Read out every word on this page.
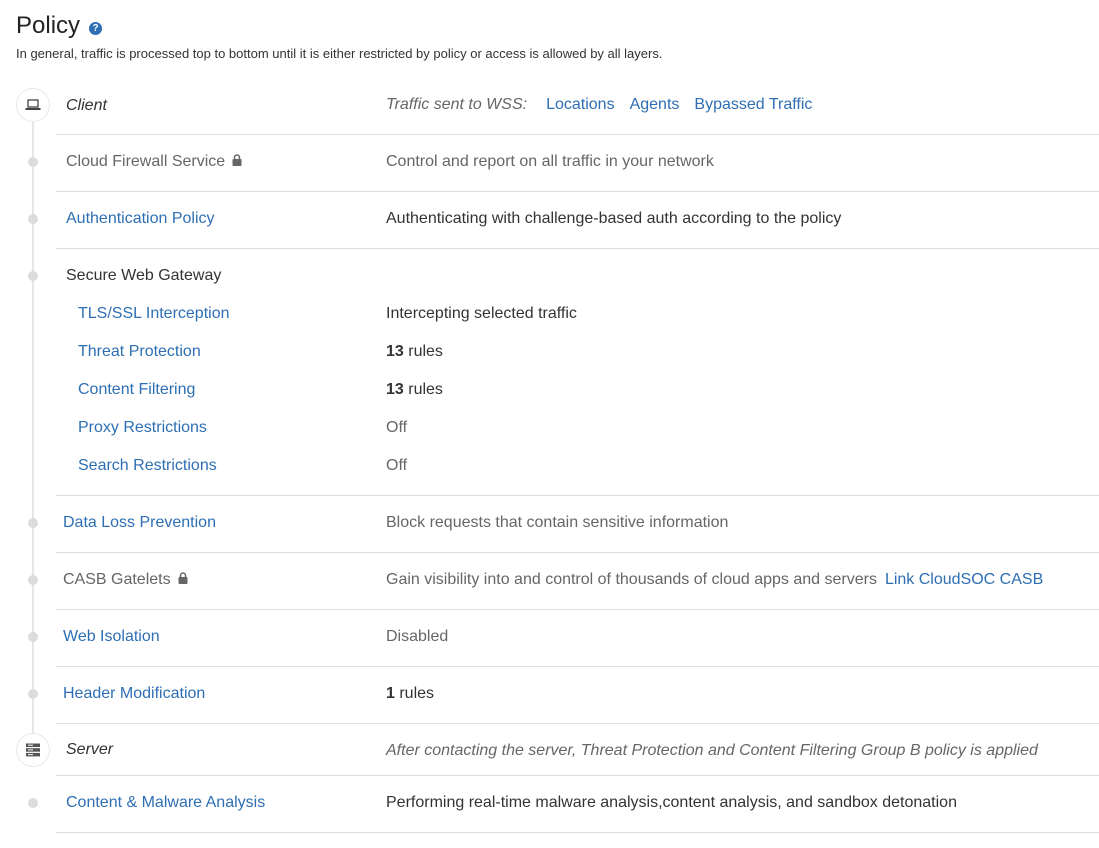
Policy	?
In general, traffic is processed top to bottom until it is either restricted by policy or access is allowed by all layers.
Client	Traffic sent to WSS: Locations Agents Bypassed Traffic
Cloud Firewall Service	Control and report on all traffic in your network
Authentication Policy	Authenticating with challenge-based auth according to the policy
Secure Web Gateway
TLS/SSL Interception	Intercepting selected traffic
Threat Protection	13 rules
Content Filtering	13 rules
Proxy Restrictions	Off
Search Restrictions	Off
Data Loss Prevention	Block requests that contain sensitive information
CASB Gatelets	Gain visibility into and control of thousands of cloud apps and servers Link CloudSOC CASB
Web Isolation	Disabled
Header Modification	1 rules
Server	After contacting the server, Threat Protection and Content Filtering Group B policy is applied
Content & Malware Analysis	Performing real-time malware analysis,content analysis, and sandbox detonation
